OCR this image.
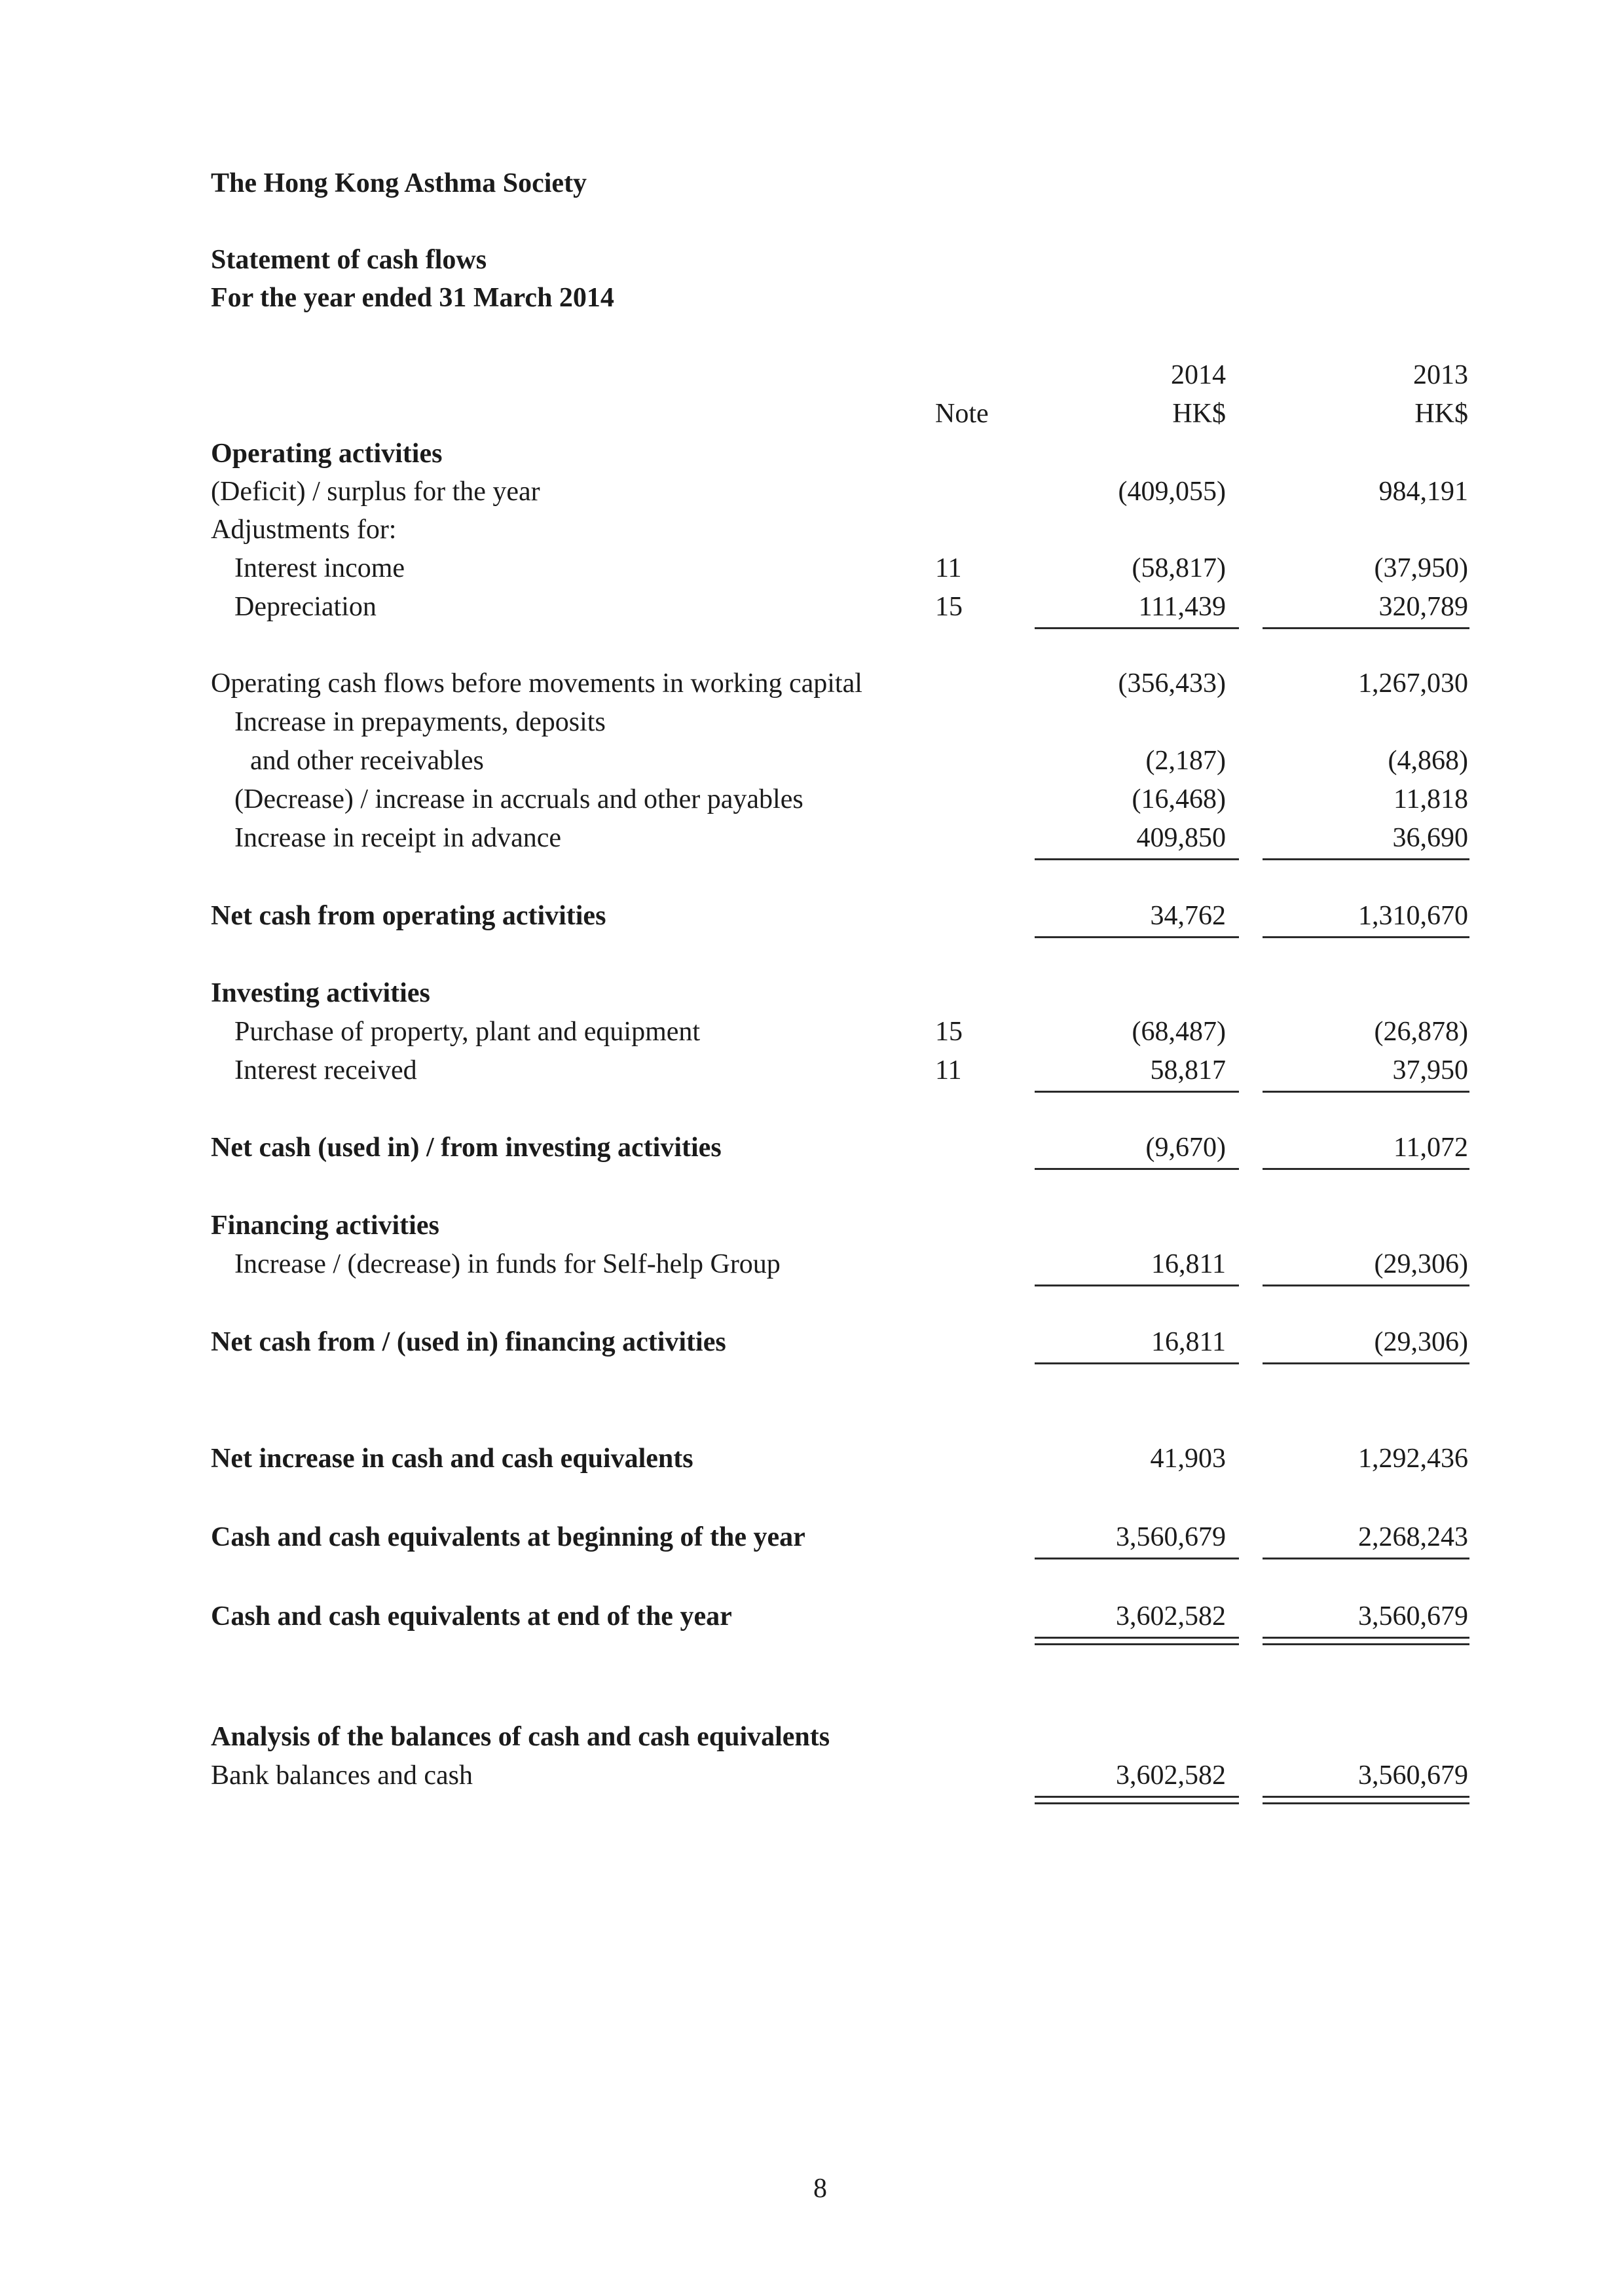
The Hong Kong Asthma Society
Statement of cash flows
For the year ended 31 March 2014
2014	2013
Note	HK$	HK$
Operating activities
(Deficit) / surplus for the year	(409,055)	984,191
Adjustments for:
Interest income	11	(58,817)	(37,950)
Depreciation	15	111,439	320,789
Operating cash flows before movements in working capital	(356,433)	1,267,030
Increase in prepayments, deposits
and other receivables	(2,187)	(4,868)
(Decrease) / increase in accruals and other payables	(16,468)	11,818
Increase in receipt in advance	409,850	36,690
Net cash from operating activities	34,762	1,310,670
Investing activities
Purchase of property, plant and equipment	15	(68,487)	(26,878)
Interest received	11	58,817	37,950
Net cash (used in) / from investing activities	(9,670)	11,072
Financing activities
Increase / (decrease) in funds for Self-help Group	16,811	(29,306)
Net cash from / (used in) financing activities	16,811	(29,306)
Net increase in cash and cash equivalents	41,903	1,292,436
Cash and cash equivalents at beginning of the year	3,560,679	2,268,243
Cash and cash equivalents at end of the year	3,602,582	3,560,679
Analysis of the balances of cash and cash equivalents
Bank balances and cash	3,602,582	3,560,679
8
